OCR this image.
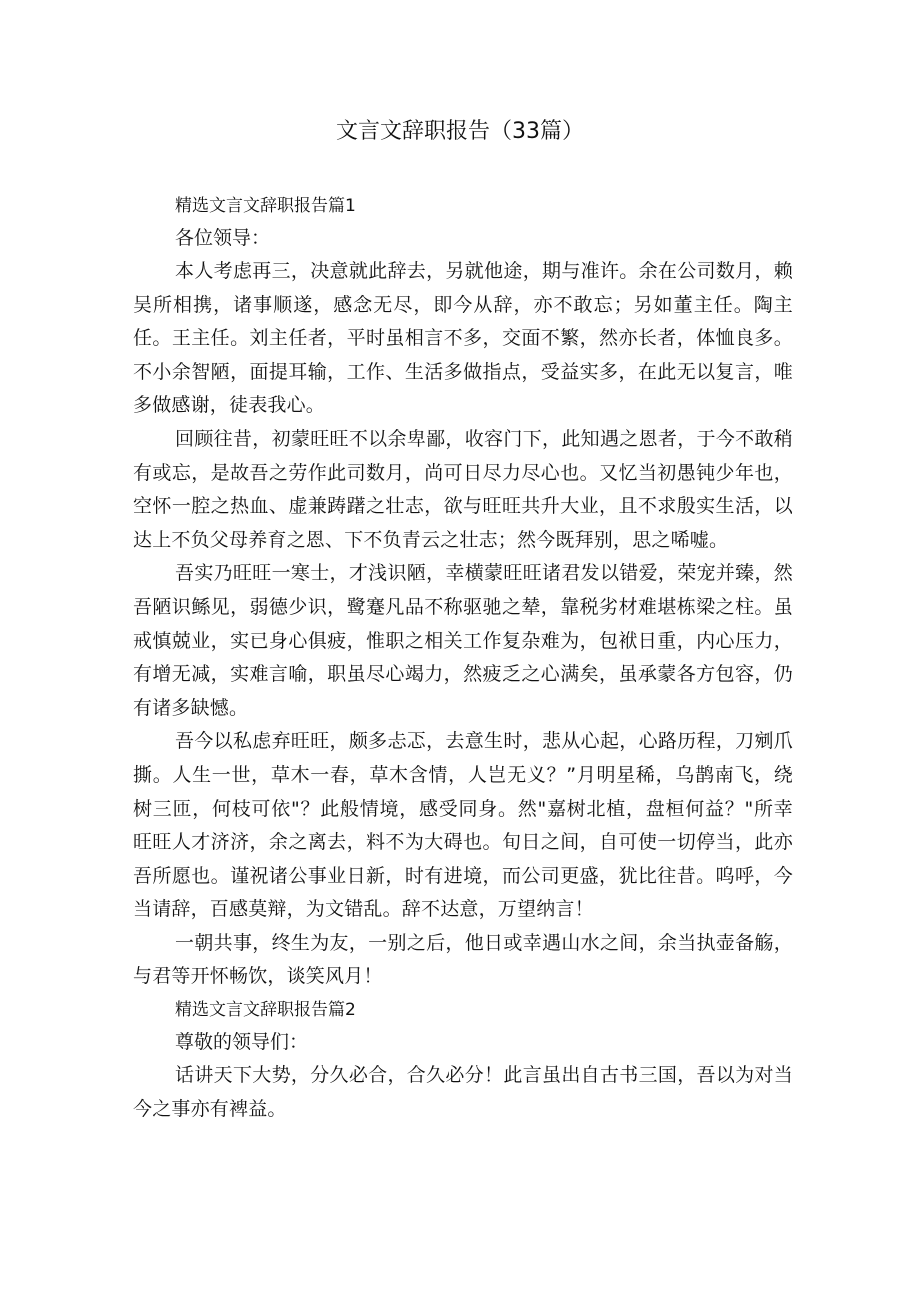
文言文辞职报告（33篇）
精选文言文辞职报告篇1

各位领导：

本人考虑再三，决意就此辞去，另就他途，期与准许。余在公司数月，赖吴所相携，诸事顺遂，感念无尽，即今从辞，亦不敢忘；另如董主任。陶主任。王主任。刘主任者，平时虽相言不多，交面不繁，然亦长者，体恤良多。不小余智陋，面提耳输，工作、生活多做指点，受益实多，在此无以复言，唯多做感谢，徒表我心。

回顾往昔，初蒙旺旺不以余卑鄙，收容门下，此知遇之恩者，于今不敢稍有或忘，是故吾之劳作此司数月，尚可日尽力尽心也。又忆当初愚钝少年也，空怀一腔之热血、虚兼踌躇之壮志，欲与旺旺共升大业，且不求殷实生活，以达上不负父母养育之恩、下不负青云之壮志；然今既拜别，思之唏嘘。

吾实乃旺旺一寒士，才浅识陋，幸横蒙旺旺诸君发以错爱，荣宠并臻，然吾陋识鲧见，弱德少识，鹭蹇凡品不称驱驰之辇，靠税劣材难堪栋梁之柱。虽戒慎兢业，实已身心俱疲，惟职之相关工作复杂难为，包袱日重，内心压力，有增无减，实难言喻，职虽尽心竭力，然疲乏之心满矣，虽承蒙各方包容，仍有诸多缺憾。

吾今以私虑弃旺旺，颇多忐忑，去意生时，悲从心起，心路历程，刀剜爪撕。人生一世，草木一春，草木含情，人岂无义？”月明星稀，乌鹊南飞，绕树三匝，何枝可依"？此般情境，感受同身。然"嘉树北植，盘桓何益？"所幸旺旺人才济济，余之离去，料不为大碍也。旬日之间，自可使一切停当，此亦吾所愿也。谨祝诸公事业日新，时有进境，而公司更盛，犹比往昔。呜呼，今当请辞，百感莫辩，为文错乱。辞不达意，万望纳言！

一朝共事，终生为友，一别之后，他日或幸遇山水之间，余当执壶备觞，与君等开怀畅饮，谈笑风月！

精选文言文辞职报告篇2

尊敬的领导们：

话讲天下大势，分久必合，合久必分！此言虽出自古书三国，吾以为对当今之事亦有裨益。
